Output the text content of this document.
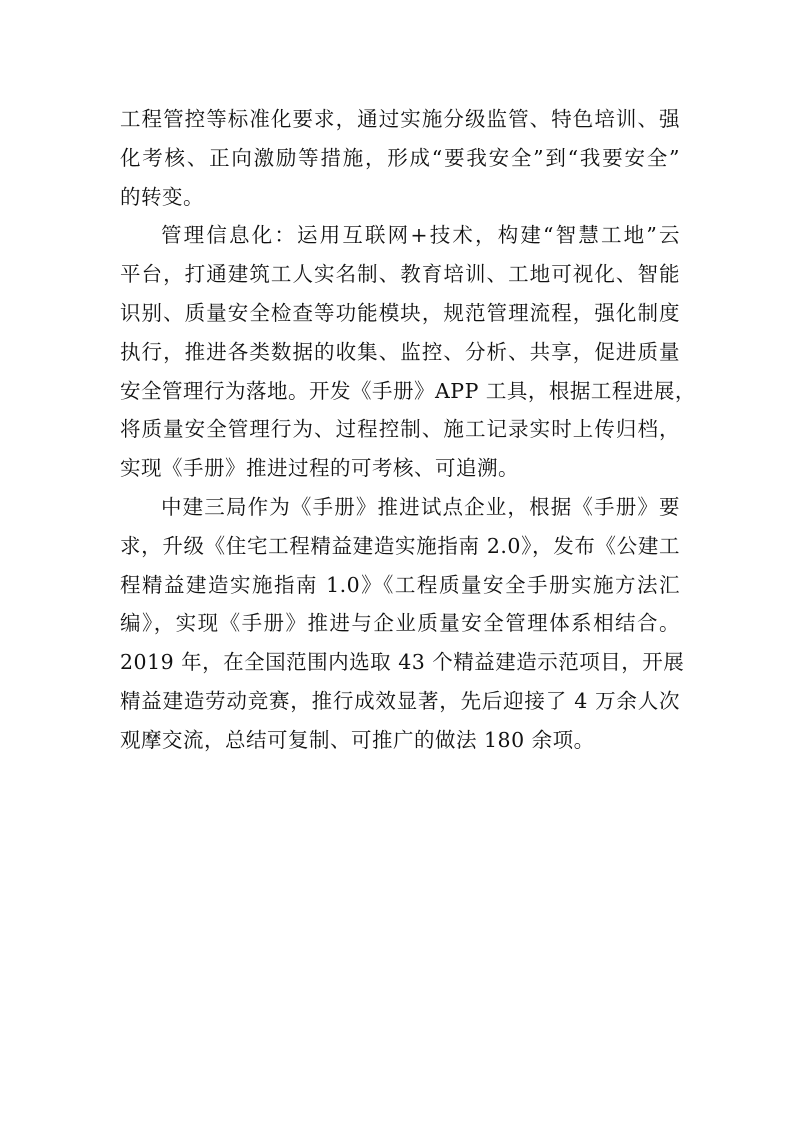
工程管控等标准化要求，通过实施分级监管、特色培训、强
化考核、正向激励等措施，形成“要我安全”到“我要安全”
的转变。
管理信息化：运用互联网+技术，构建“智慧工地”云
平台，打通建筑工人实名制、教育培训、工地可视化、智能
识别、质量安全检查等功能模块，规范管理流程，强化制度
执行，推进各类数据的收集、监控、分析、共享，促进质量
安全管理行为落地。开发《手册》APP 工具，根据工程进展，
将质量安全管理行为、过程控制、施工记录实时上传归档，
实现《手册》推进过程的可考核、可追溯。
中建三局作为《手册》推进试点企业，根据《手册》要
求，升级《住宅工程精益建造实施指南 2.0》，发布《公建工
程精益建造实施指南 1.0》《工程质量安全手册实施方法汇
编》，实现《手册》推进与企业质量安全管理体系相结合。
2019 年，在全国范围内选取 43 个精益建造示范项目，开展
精益建造劳动竞赛，推行成效显著，先后迎接了 4 万余人次
观摩交流，总结可复制、可推广的做法 180 余项。
